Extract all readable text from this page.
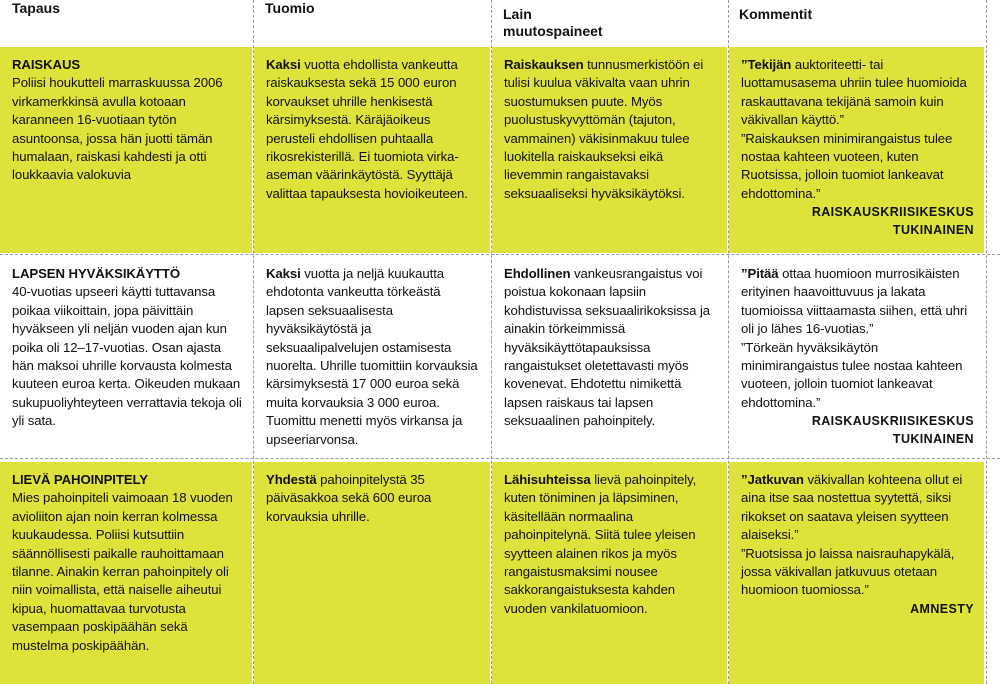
Tapaus	Tuomio	Lain
muutospaineet
Kommentit
RAISKAUS
Poliisi houkutteli marraskuussa 2006 virkamerkkinsä avulla kotoaan karanneen 16-vuotiaan tytön asuntoonsa, jossa hän juotti tämän humalaan, raiskasi kahdesti ja otti loukkaavia valokuvia
Kaksi vuotta ehdollista vankeutta raiskauksesta sekä 15 000 euron korvaukset uhrille henkisestä kärsimyksestä. Käräjäoikeus perusteli ehdollisen puhtaalla rikosrekisterillä. Ei tuomiota virka-aseman väärinkäytöstä. Syyttäjä valittaa tapauksesta hovioikeuteen.
Raiskauksen tunnusmerkistöön ei tulisi kuulua väkivalta vaan uhrin suostumuksen puute. Myös puolustuskyvyttömän (tajuton, vammainen) väkisinmakuu tulee luokitella raiskaukseksi eikä lievemmin rangaistavaksi seksuaaliseksi hyväksikäytöksi.
”Tekijän auktoriteetti- tai luottamusasema uhriin tulee huomioida raskauttavana tekijänä samoin kuin väkivallan käyttö.”
”Raiskauksen minimirangaistus tulee nostaa kahteen vuoteen, kuten Ruotsissa, jolloin tuomiot lankeavat ehdottomina.”
RAISKAUSKRIISIKESKUS TUKINAINEN
LAPSEN HYVÄKSIKÄYTTÖ
40-vuotias upseeri käytti tuttavansa poikaa viikoittain, jopa päivittäin hyväkseen yli neljän vuoden ajan kun poika oli 12–17-vuotias. Osan ajasta hän maksoi uhrille korvausta kolmesta kuuteen euroa kerta. Oikeuden mukaan sukupuoliyhteyteen verrattavia tekoja oli yli sata.
Kaksi vuotta ja neljä kuukautta ehdotonta vankeutta törkeästä lapsen seksuaalisesta hyväksikäytöstä ja seksuaalipalvelujen ostamisesta nuorelta. Uhrille tuomittiin korvauksia kärsimyksestä 17 000 euroa sekä muita korvauksia 3 000 euroa. Tuomittu menetti myös virkansa ja upseeriarvonsa.
Ehdollinen vankeusrangaistus voi poistua kokonaan lapsiin kohdistuvissa seksuaalirikoksissa ja ainakin törkeimmissä hyväksikäyttötapauksissa rangaistukset oletettavasti myös kovenevat. Ehdotettu nimikettä lapsen raiskaus tai lapsen seksuaalinen pahoinpitely.
”Pitää ottaa huomioon murrosikäisten erityinen haavoittuvuus ja lakata tuomioissa viittaamasta siihen, että uhri oli jo lähes 16-vuotias.”
”Törkeän hyväksikäytön minimirangaistus tulee nostaa kahteen vuoteen, jolloin tuomiot lankeavat ehdottomina.”
RAISKAUSKRIISIKESKUS TUKINAINEN
LIEVÄ PAHOINPITELY
Mies pahoinpiteli vaimoaan 18 vuoden avioliiton ajan noin kerran kolmessa kuukaudessa. Poliisi kutsuttiin säännöllisesti paikalle rauhoittamaan tilanne. Ainakin kerran pahoinpitely oli niin voimallista, että naiselle aiheutui kipua, huomattavaa turvotusta vasempaan poskipäähän sekä mustelma poskipäähän.
Yhdestä pahoinpitelystä 35 päiväsakkoa sekä 600 euroa korvauksia uhrille.
Lähisuhteissa lievä pahoinpitely, kuten töniminen ja läpsiminen, käsitellään normaalina pahoinpitelynä. Siitä tulee yleisen syytteen alainen rikos ja myös rangaistusmaksimi nousee sakkorangaistuksesta kahden vuoden vankilatuomioon.
”Jatkuvan väkivallan kohteena ollut ei aina itse saa nostettua syytettä, siksi rikokset on saatava yleisen syytteen alaiseksi.”
”Ruotsissa jo laissa naisrauhapykälä, jossa väkivallan jatkuvuus otetaan huomioon tuomiossa.”
AMNESTY
